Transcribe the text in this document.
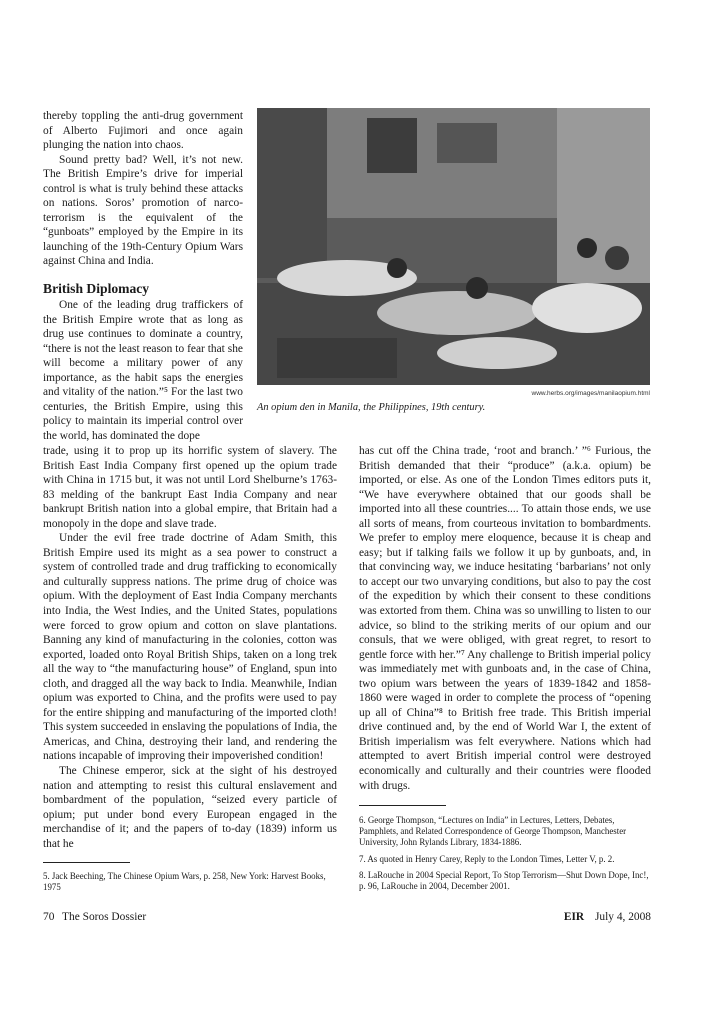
thereby toppling the anti-drug government of Alberto Fujimori and once again plunging the nation into chaos.

Sound pretty bad? Well, it’s not new. The British Empire’s drive for imperial control is what is truly behind these attacks on nations. Soros’ promotion of narco-terrorism is the equivalent of the “gunboats” employed by the Empire in its launching of the 19th-Century Opium Wars against China and India.

British Diplomacy

One of the leading drug traffickers of the British Empire wrote that as long as drug use continues to dominate a country, “there is not the least reason to fear that she will become a military power of any importance, as the habit saps the energies and vitality of the nation.”⁵ For the last two centuries, the British Empire, using this policy to maintain its imperial control over the world, has dominated the dope

www.herbs.org/images/manilaopium.html
An opium den in Manila, the Philippines, 19th century.

trade, using it to prop up its horrific system of slavery. The British East India Company first opened up the opium trade with China in 1715 but, it was not until Lord Shelburne’s 1763-83 melding of the bankrupt East India Company and near bankrupt British nation into a global empire, that Britain had a monopoly in the dope and slave trade.

Under the evil free trade doctrine of Adam Smith, this British Empire used its might as a sea power to construct a system of controlled trade and drug trafficking to economically and culturally suppress nations. The prime drug of choice was opium. With the deployment of East India Company merchants into India, the West Indies, and the United States, populations were forced to grow opium and cotton on slave plantations. Banning any kind of manufacturing in the colonies, cotton was exported, loaded onto Royal British Ships, taken on a long trek all the way to “the manufacturing house” of England, spun into cloth, and dragged all the way back to India. Meanwhile, Indian opium was exported to China, and the profits were used to pay for the entire shipping and manufacturing of the imported cloth! This system succeeded in enslaving the populations of India, the Americas, and China, destroying their land, and rendering the nations incapable of improving their impoverished condition!

The Chinese emperor, sick at the sight of his destroyed nation and attempting to resist this cultural enslavement and bombardment of the population, “seized every particle of opium; put under bond every European engaged in the merchandise of it; and the papers of to-day (1839) inform us that he

has cut off the China trade, ‘root and branch.’ ”⁶ Furious, the British demanded that their “produce” (a.k.a. opium) be imported, or else. As one of the London Times editors puts it, “We have everywhere obtained that our goods shall be imported into all these countries.... To attain those ends, we use all sorts of means, from courteous invitation to bombardments. We prefer to employ mere eloquence, because it is cheap and easy; but if talking fails we follow it up by gunboats, and, in that convincing way, we induce hesitating ‘barbarians’ not only to accept our two unvarying conditions, but also to pay the cost of the expedition by which their consent to these conditions was extorted from them. China was so unwilling to listen to our advice, so blind to the striking merits of our opium and our consuls, that we were obliged, with great regret, to resort to gentle force with her.”⁷ Any challenge to British imperial policy was immediately met with gunboats and, in the case of China, two opium wars between the years of 1839-1842 and 1858-1860 were waged in order to complete the process of “opening up all of China”⁸ to British free trade. This British imperial drive continued and, by the end of World War I, the extent of British imperialism was felt everywhere. Nations which had attempted to avert British imperial control were destroyed economically and culturally and their countries were flooded with drugs.

5. Jack Beeching, The Chinese Opium Wars, p. 258, New York: Harvest Books, 1975

6. George Thompson, “Lectures on India” in Lectures, Letters, Debates, Pamphlets, and Related Correspondence of George Thompson, Manchester University, John Rylands Library, 1834-1886.

7. As quoted in Henry Carey, Reply to the London Times, Letter V, p. 2.

8. LaRouche in 2004 Special Report, To Stop Terrorism—Shut Down Dope, Inc!, p. 96, LaRouche in 2004, December 2001.

70 The Soros Dossier	EIR July 4, 2008
